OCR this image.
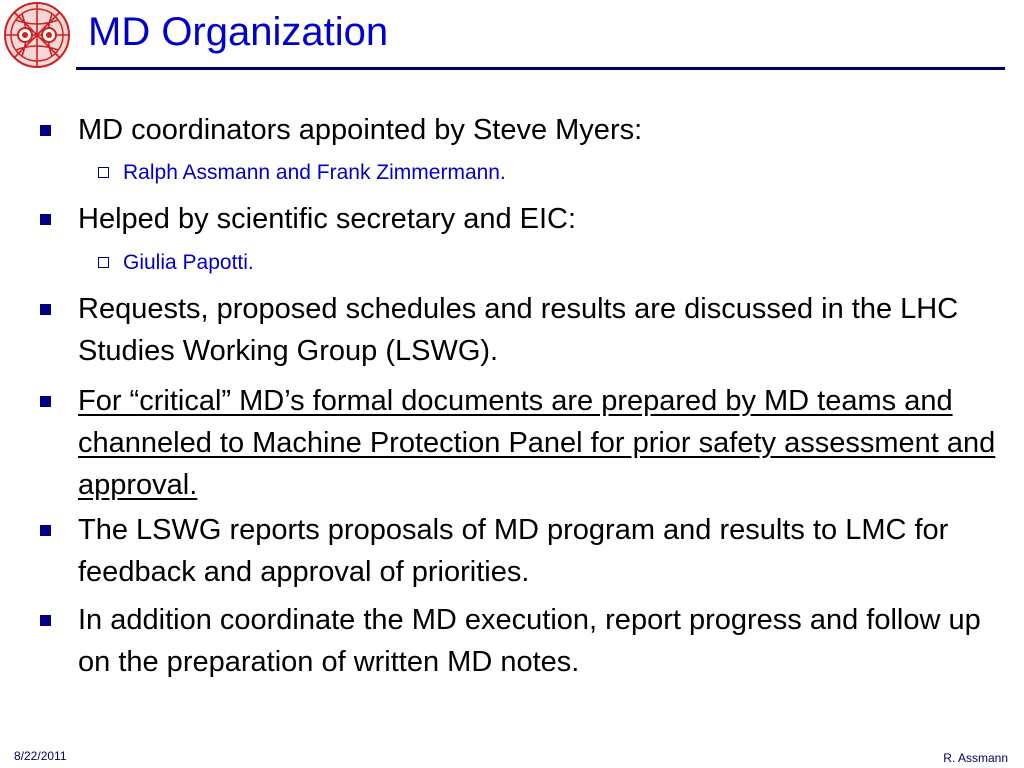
MD Organization
MD coordinators appointed by Steve Myers:
Ralph Assmann and Frank Zimmermann.
Helped by scientific secretary and EIC:
Giulia Papotti.
Requests, proposed schedules and results are discussed in the LHC Studies Working Group (LSWG).
For “critical” MD’s formal documents are prepared by MD teams and channeled to Machine Protection Panel for prior safety assessment and approval.
The LSWG reports proposals of MD program and results to LMC for feedback and approval of priorities.
In addition coordinate the MD execution, report progress and follow up on the preparation of written MD notes.
8/22/2011	R. Assmann
